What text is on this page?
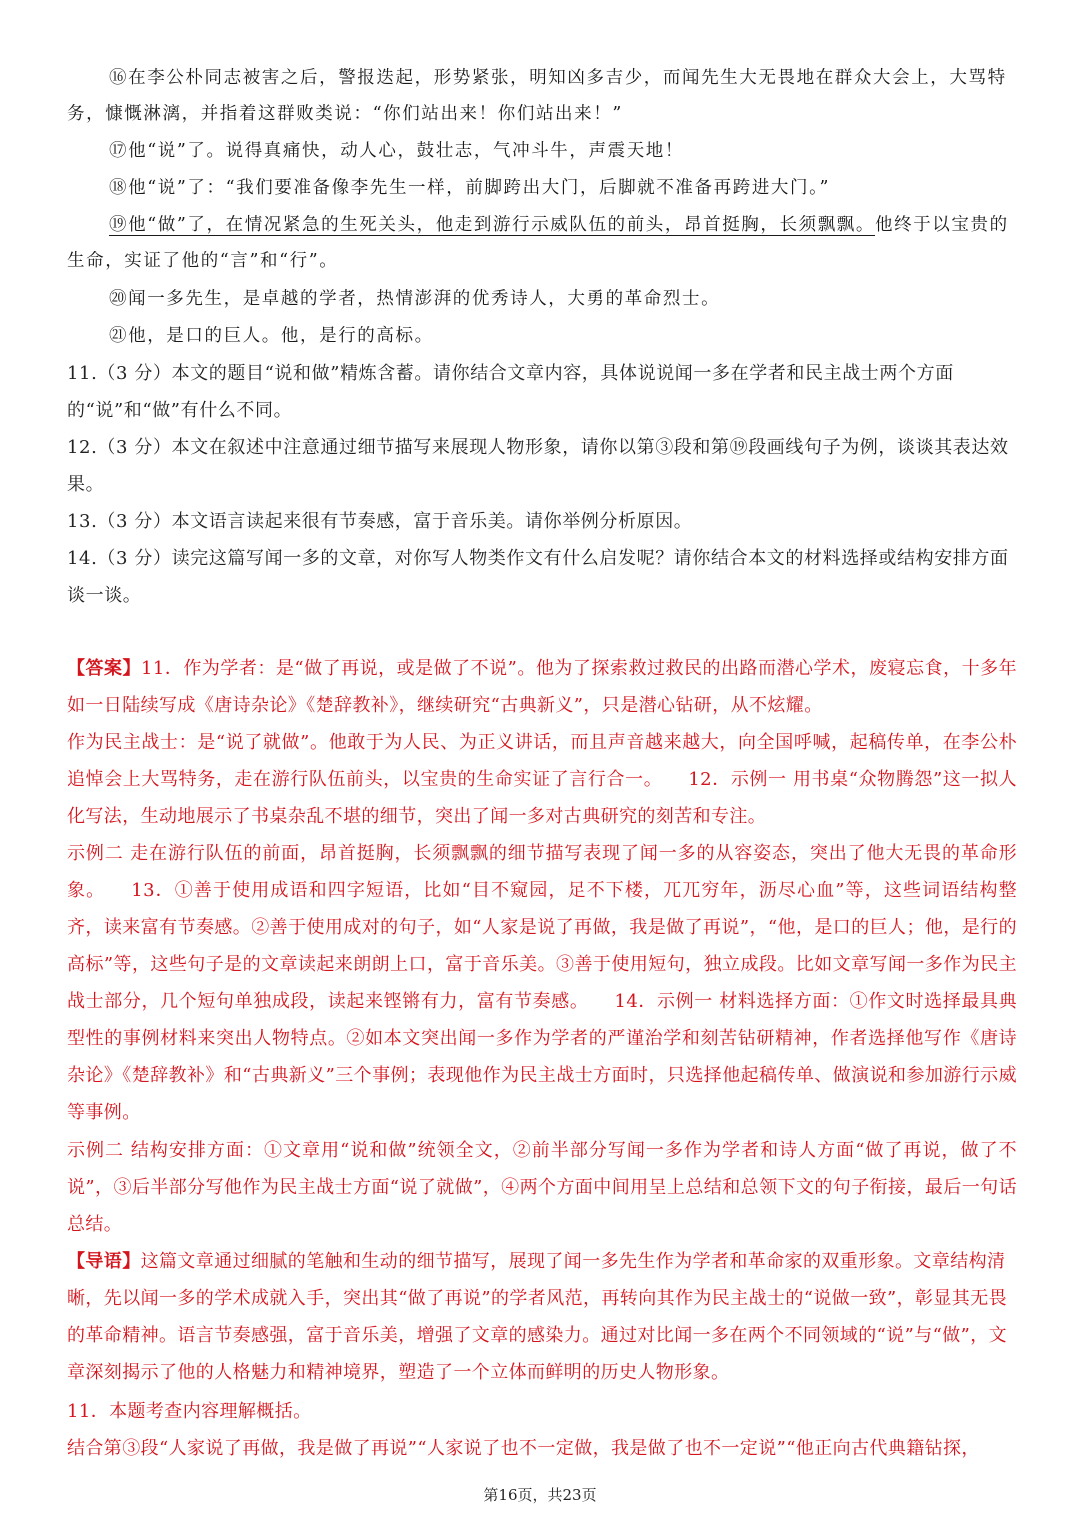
⑯在李公朴同志被害之后，警报迭起，形势紧张，明知凶多吉少，而闻先生大无畏地在群众大会上，大骂特务，慷慨淋漓，并指着这群败类说：“你们站出来！你们站出来！”

⑰他“说”了。说得真痛快，动人心，鼓壮志，气冲斗牛，声震天地！

⑱他“说”了：“我们要准备像李先生一样，前脚跨出大门，后脚就不准备再跨进大门。”

⑲他“做”了，在情况紧急的生死关头，他走到游行示威队伍的前头，昂首挺胸，长须飘飘。他终于以宝贵的生命，实证了他的“言”和“行”。

⑳闻一多先生，是卓越的学者，热情澎湃的优秀诗人，大勇的革命烈士。

㉑他，是口的巨人。他，是行的高标。

11.（3 分）本文的题目“说和做”精炼含蓄。请你结合文章内容，具体说说闻一多在学者和民主战士两个方面的“说”和“做”有什么不同。

12.（3 分）本文在叙述中注意通过细节描写来展现人物形象，请你以第③段和第⑲段画线句子为例，谈谈其表达效果。

13.（3 分）本文语言读起来很有节奏感，富于音乐美。请你举例分析原因。

14.（3 分）读完这篇写闻一多的文章，对你写人物类作文有什么启发呢？请你结合本文的材料选择或结构安排方面谈一谈。

【答案】11．作为学者：是“做了再说，或是做了不说”。他为了探索救过救民的出路而潜心学术，废寝忘食，十多年如一日陆续写成《唐诗杂论》《楚辞教补》，继续研究“古典新义”，只是潜心钻研，从不炫耀。

作为民主战士：是“说了就做”。他敢于为人民、为正义讲话，而且声音越来越大，向全国呼喊，起稿传单，在李公朴追悼会上大骂特务，走在游行队伍前头，以宝贵的生命实证了言行合一。 12．示例一 用书桌“众物腾怨”这一拟人化写法，生动地展示了书桌杂乱不堪的细节，突出了闻一多对古典研究的刻苦和专注。

示例二 走在游行队伍的前面，昂首挺胸，长须飘飘的细节描写表现了闻一多的从容姿态，突出了他大无畏的革命形象。 13．①善于使用成语和四字短语，比如“目不窥园，足不下楼，兀兀穷年，沥尽心血”等，这些词语结构整齐，读来富有节奏感。②善于使用成对的句子，如“人家是说了再做，我是做了再说”，“他，是口的巨人；他，是行的高标”等，这些句子是的文章读起来朗朗上口，富于音乐美。③善于使用短句，独立成段。比如文章写闻一多作为民主战士部分，几个短句单独成段，读起来铿锵有力，富有节奏感。 14．示例一 材料选择方面：①作文时选择最具典型性的事例材料来突出人物特点。②如本文突出闻一多作为学者的严谨治学和刻苦钻研精神，作者选择他写作《唐诗杂论》《楚辞教补》和“古典新义”三个事例；表现他作为民主战士方面时，只选择他起稿传单、做演说和参加游行示威等事例。

示例二 结构安排方面：①文章用“说和做”统领全文，②前半部分写闻一多作为学者和诗人方面“做了再说，做了不说”，③后半部分写他作为民主战士方面“说了就做”，④两个方面中间用呈上总结和总领下文的句子衔接，最后一句话总结。

【导语】这篇文章通过细腻的笔触和生动的细节描写，展现了闻一多先生作为学者和革命家的双重形象。文章结构清晰，先以闻一多的学术成就入手，突出其“做了再说”的学者风范，再转向其作为民主战士的“说做一致”，彰显其无畏的革命精神。语言节奏感强，富于音乐美，增强了文章的感染力。通过对比闻一多在两个不同领域的“说”与“做”，文章深刻揭示了他的人格魅力和精神境界，塑造了一个立体而鲜明的历史人物形象。

11．本题考查内容理解概括。

结合第③段“人家说了再做，我是做了再说”“人家说了也不一定做，我是做了也不一定说”“他正向古代典籍钻探，

第16页，共23页
